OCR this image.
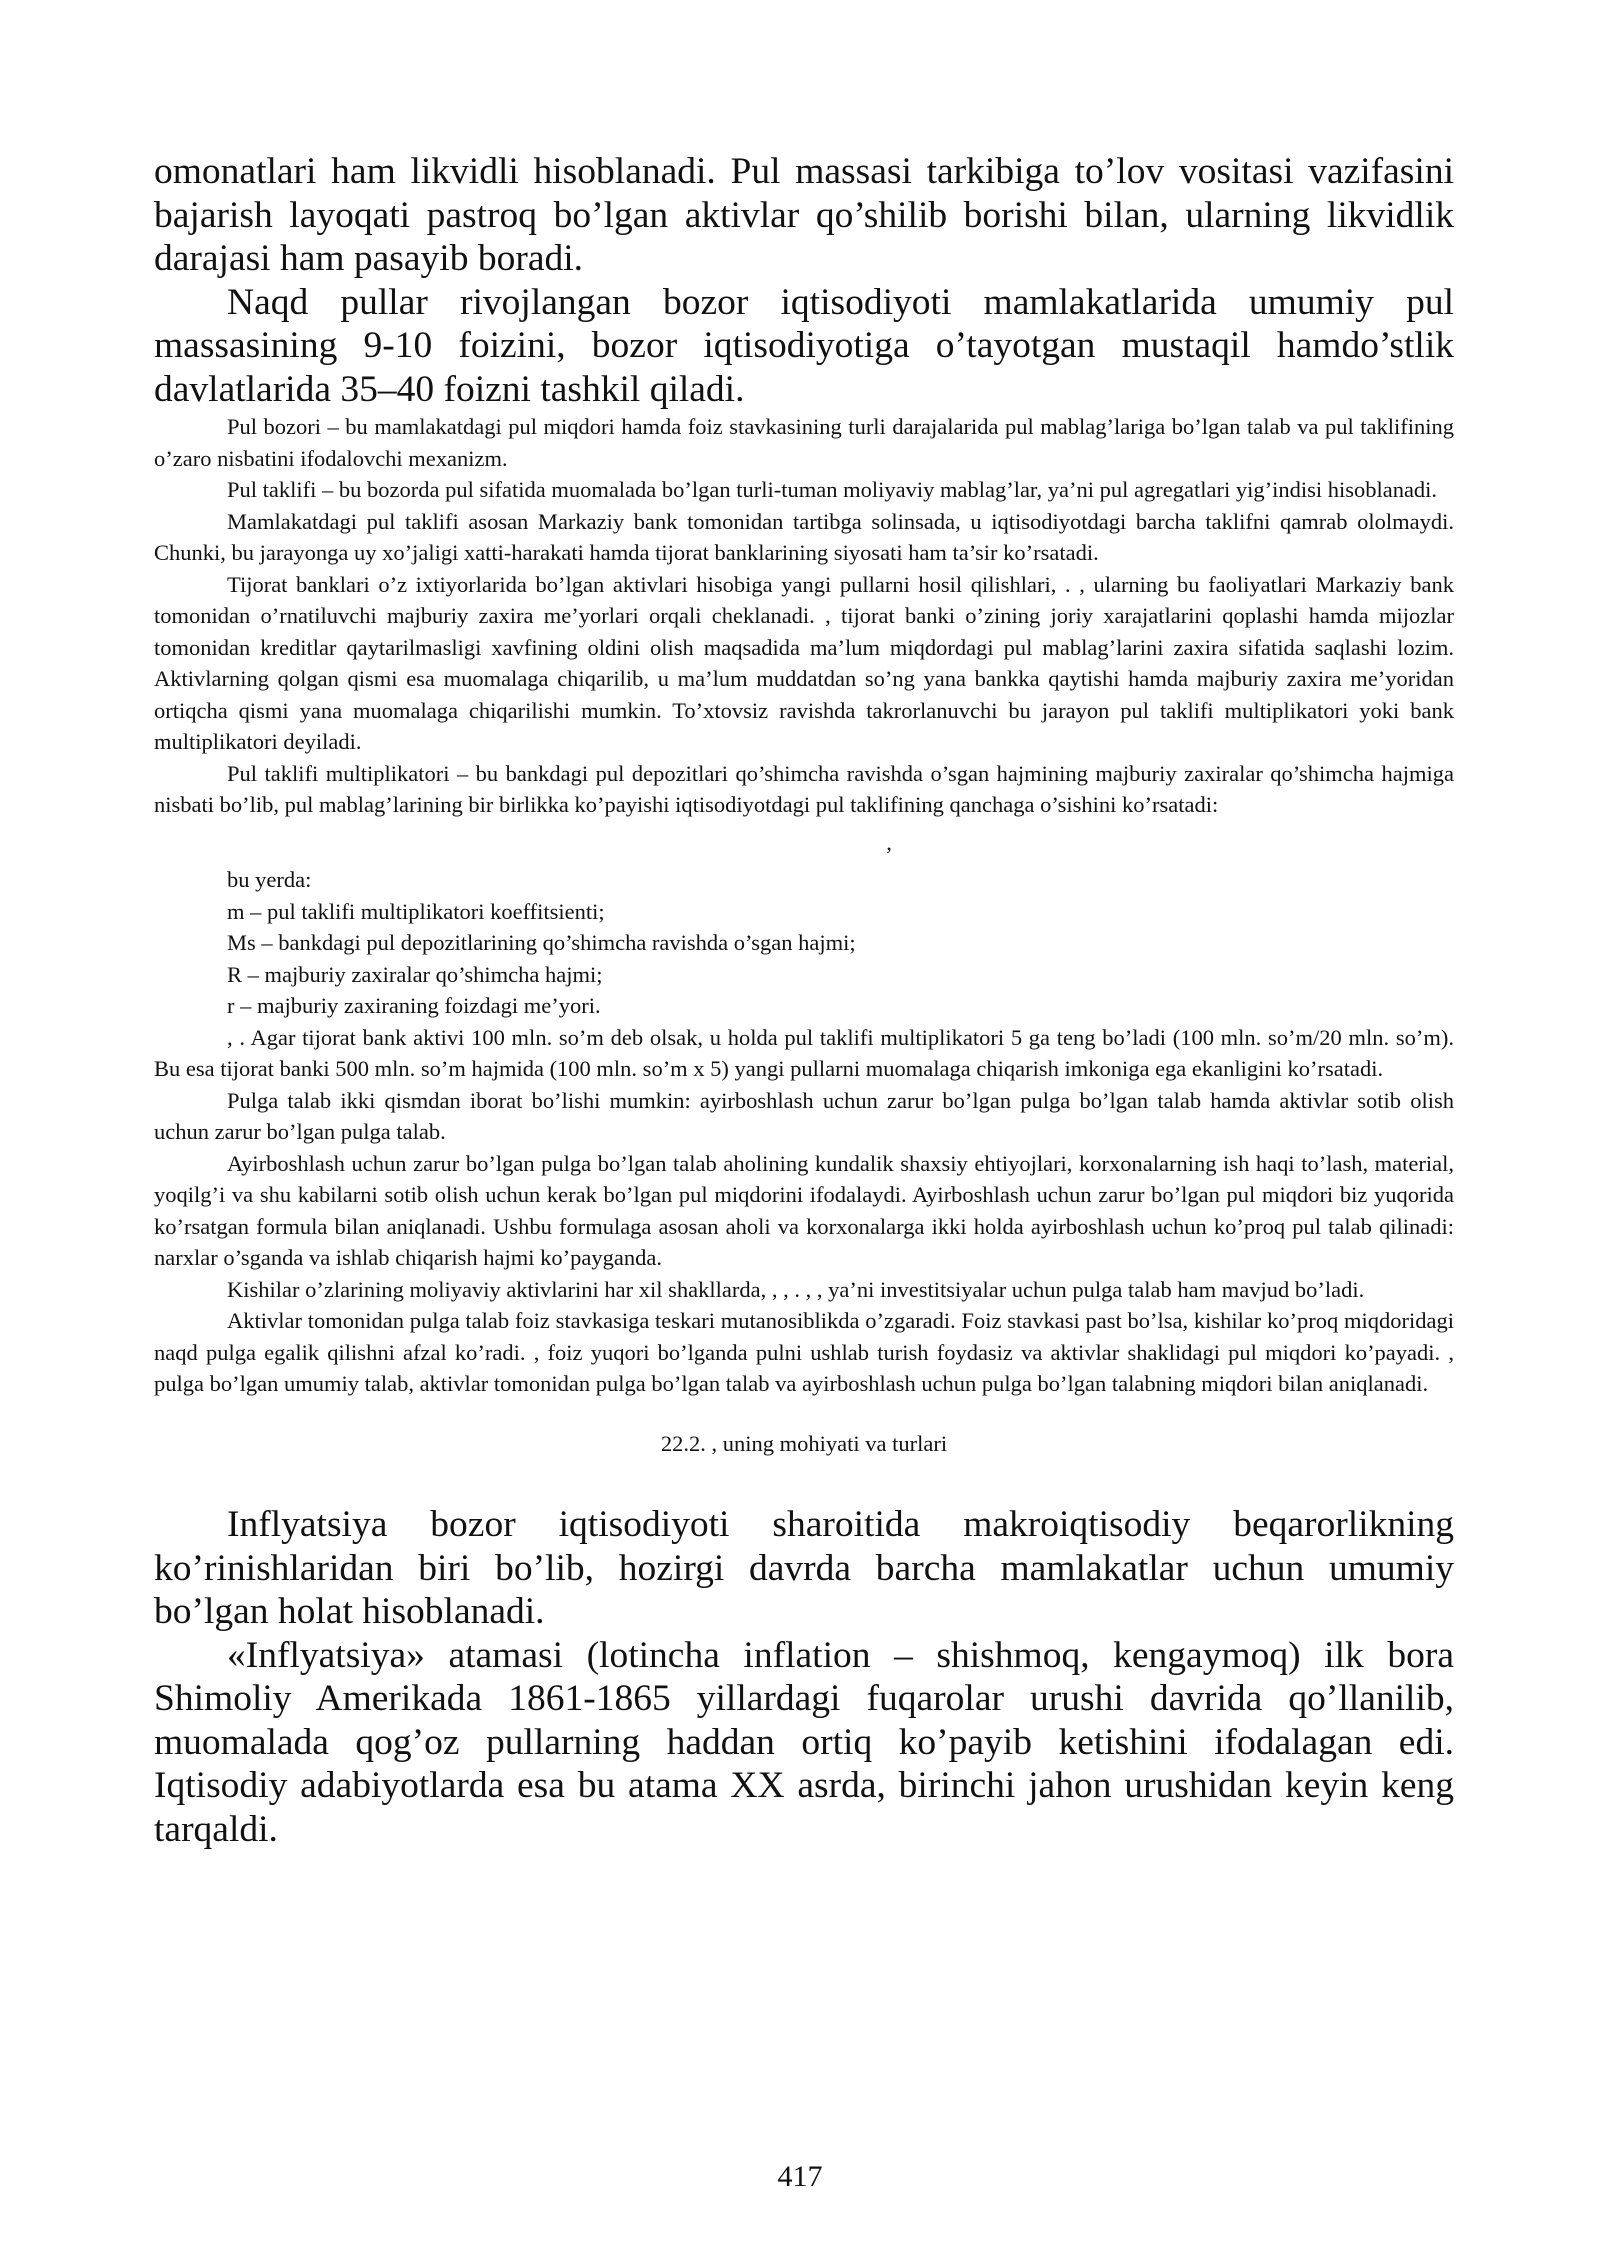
omonatlari ham likvidli hisoblanadi. Pul massasi tarkibiga to’lov vositasi vazifasini bajarish layoqati pastroq bo’lgan aktivlar qo’shilib borishi bilan, ularning likvidlik darajasi ham pasayib boradi.

Naqd pullar rivojlangan bozor iqtisodiyoti mamlakatlarida umumiy pul massasining 9-10 foizini, bozor iqtisodiyotiga o’tayotgan mustaqil hamdo’stlik davlatlarida 35–40 foizni tashkil qiladi.

Pul bozori – bu mamlakatdagi pul miqdori hamda foiz stavkasining turli darajalarida pul mablag’lariga bo’lgan talab va pul taklifining o’zaro nisbatini ifodalovchi mexanizm.

Pul taklifi – bu bozorda pul sifatida muomalada bo’lgan turli-tuman moliyaviy mablag’lar, ya’ni pul agregatlari yig’indisi hisoblanadi.

Mamlakatdagi pul taklifi asosan Markaziy bank tomonidan tartibga solinsada, u iqtisodiyotdagi barcha taklifni qamrab ololmaydi. Chunki, bu jarayonga uy xo’jaligi xatti-harakati hamda tijorat banklarining siyosati ham ta’sir ko’rsatadi.

Tijorat banklari o’z ixtiyorlarida bo’lgan aktivlari hisobiga yangi pullarni hosil qilishlari, . , ularning bu faoliyatlari Markaziy bank tomonidan o’rnatiluvchi majburiy zaxira me’yorlari orqali cheklanadi. , tijorat banki o’zining joriy xarajatlarini qoplashi hamda mijozlar tomonidan kreditlar qaytarilmasligi xavfining oldini olish maqsadida ma’lum miqdordagi pul mablag’larini zaxira sifatida saqlashi lozim. Aktivlarning qolgan qismi esa muomalaga chiqarilib, u ma’lum muddatdan so’ng yana bankka qaytishi hamda majburiy zaxira me’yoridan ortiqcha qismi yana muomalaga chiqarilishi mumkin. To’xtovsiz ravishda takrorlanuvchi bu jarayon pul taklifi multiplikatori yoki bank multiplikatori deyiladi.

Pul taklifi multiplikatori – bu bankdagi pul depozitlari qo’shimcha ravishda o’sgan hajmining majburiy zaxiralar qo’shimcha hajmiga nisbati bo’lib, pul mablag’larining bir birlikka ko’payishi iqtisodiyotdagi pul taklifining qanchaga o’sishini ko’rsatadi:

,

bu yerda:

m – pul taklifi multiplikatori koeffitsienti;

Ms – bankdagi pul depozitlarining qo’shimcha ravishda o’sgan hajmi;

R – majburiy zaxiralar qo’shimcha hajmi;

r – majburiy zaxiraning foizdagi me’yori.

, . Agar tijorat bank aktivi 100 mln. so’m deb olsak, u holda pul taklifi multiplikatori 5 ga teng bo’ladi (100 mln. so’m/20 mln. so’m). Bu esa tijorat banki 500 mln. so’m hajmida (100 mln. so’m x 5) yangi pullarni muomalaga chiqarish imkoniga ega ekanligini ko’rsatadi.

Pulga talab ikki qismdan iborat bo’lishi mumkin: ayirboshlash uchun zarur bo’lgan pulga bo’lgan talab hamda aktivlar sotib olish uchun zarur bo’lgan pulga talab.

Ayirboshlash uchun zarur bo’lgan pulga bo’lgan talab aholining kundalik shaxsiy ehtiyojlari, korxonalarning ish haqi to’lash, material, yoqilg’i va shu kabilarni sotib olish uchun kerak bo’lgan pul miqdorini ifodalaydi. Ayirboshlash uchun zarur bo’lgan pul miqdori biz yuqorida ko’rsatgan formula bilan aniqlanadi. Ushbu formulaga asosan aholi va korxonalarga ikki holda ayirboshlash uchun ko’proq pul talab qilinadi: narxlar o’sganda va ishlab chiqarish hajmi ko’payganda.

Kishilar o’zlarining moliyaviy aktivlarini har xil shakllarda, , , . , , ya’ni investitsiyalar uchun pulga talab ham mavjud bo’ladi.

Aktivlar tomonidan pulga talab foiz stavkasiga teskari mutanosiblikda o’zgaradi. Foiz stavkasi past bo’lsa, kishilar ko’proq miqdoridagi naqd pulga egalik qilishni afzal ko’radi. , foiz yuqori bo’lganda pulni ushlab turish foydasiz va aktivlar shaklidagi pul miqdori ko’payadi. , pulga bo’lgan umumiy talab, aktivlar tomonidan pulga bo’lgan talab va ayirboshlash uchun pulga bo’lgan talabning miqdori bilan aniqlanadi.

22.2. , uning mohiyati va turlari

Inflyatsiya bozor iqtisodiyoti sharoitida makroiqtisodiy beqarorlikning ko’rinishlaridan biri bo’lib, hozirgi davrda barcha mamlakatlar uchun umumiy bo’lgan holat hisoblanadi.

«Inflyatsiya» atamasi (lotincha inflation – shishmoq, kengaymoq) ilk bora Shimoliy Amerikada 1861-1865 yillardagi fuqarolar urushi davrida qo’llanilib, muomalada qog’oz pullarning haddan ortiq ko’payib ketishini ifodalagan edi. Iqtisodiy adabiyotlarda esa bu atama XX asrda, birinchi jahon urushidan keyin keng tarqaldi.

417
